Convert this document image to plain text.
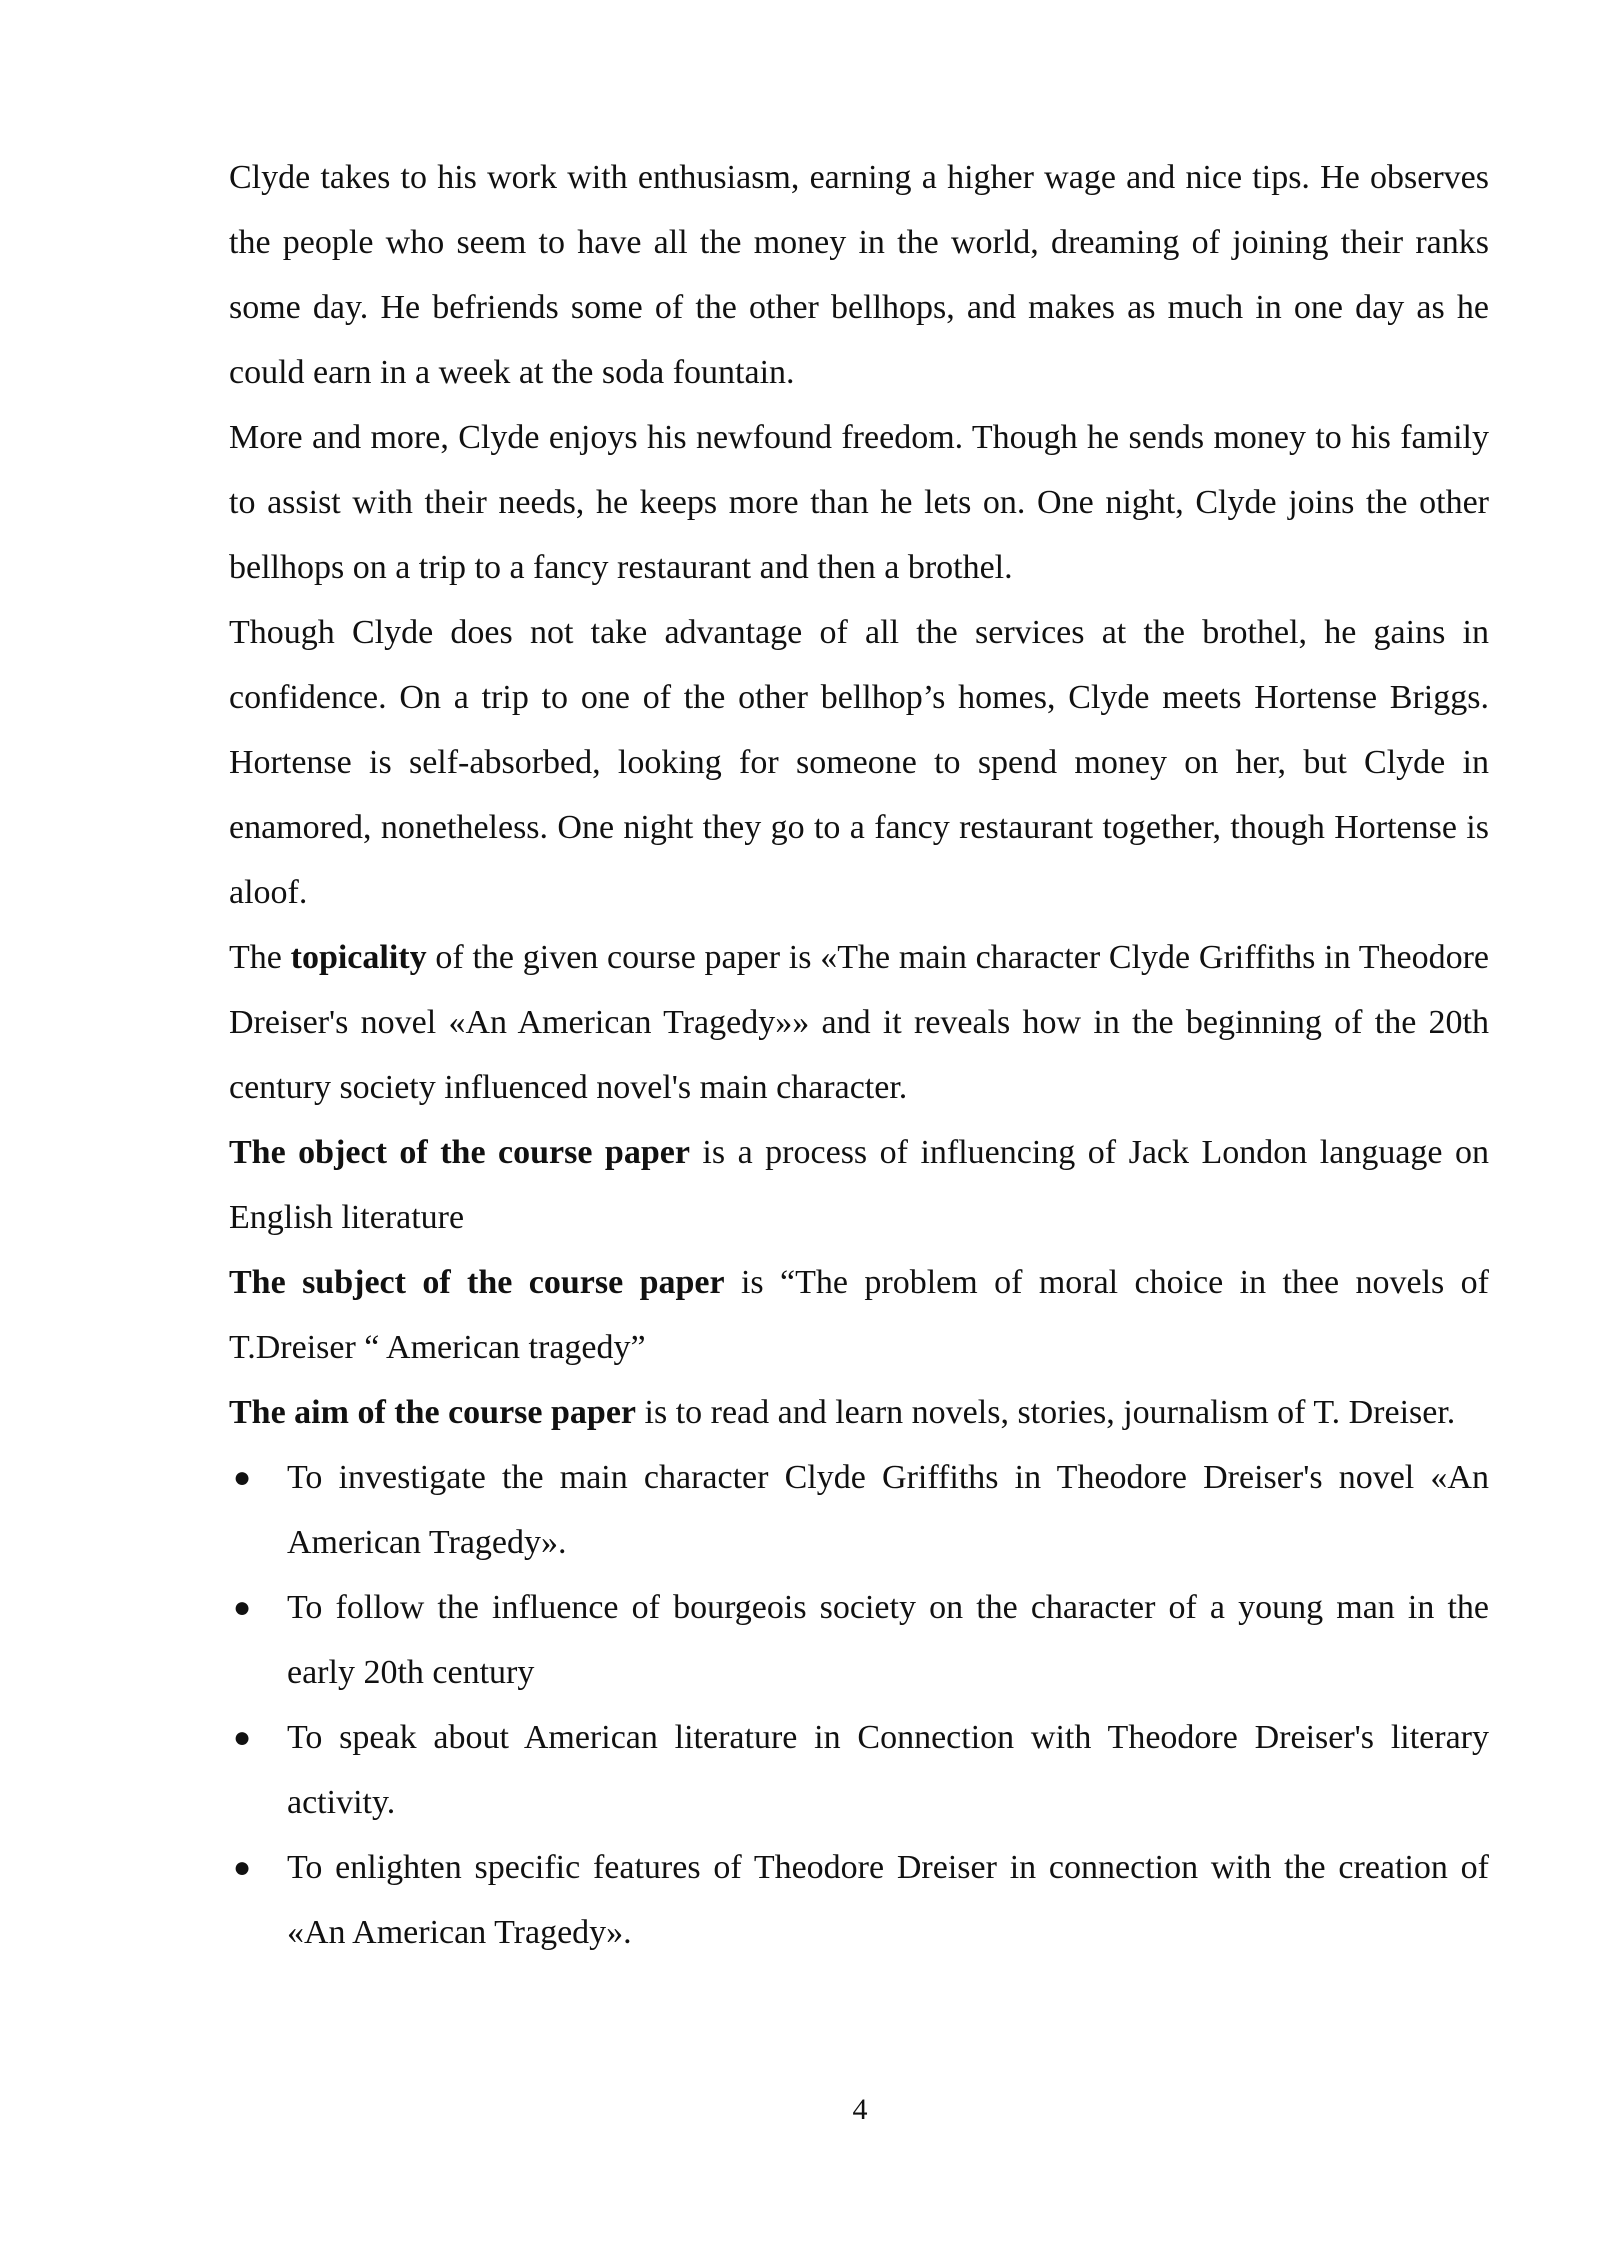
Clyde takes to his work with enthusiasm, earning a higher wage and nice tips. He observes the people who seem to have all the money in the world, dreaming of joining their ranks some day. He befriends some of the other bellhops, and makes as much in one day as he could earn in a week at the soda fountain.

More and more, Clyde enjoys his newfound freedom. Though he sends money to his family to assist with their needs, he keeps more than he lets on. One night, Clyde joins the other bellhops on a trip to a fancy restaurant and then a brothel.

Though Clyde does not take advantage of all the services at the brothel, he gains in confidence. On a trip to one of the other bellhop’s homes, Clyde meets Hortense Briggs. Hortense is self-absorbed, looking for someone to spend money on her, but Clyde in enamored, nonetheless. One night they go to a fancy restaurant together, though Hortense is aloof.

The topicality of the given course paper is «The main character Clyde Griffiths in Theodore Dreiser's novel «An American Tragedy»» and it reveals how in the beginning of the 20th century society influenced novel's main character.

The object of the course paper is a process of influencing of Jack London language on English literature

The subject of the course paper is “The problem of moral choice in thee novels of T.Dreiser “ American tragedy”

The aim of the course paper is to read and learn novels, stories, journalism of T. Dreiser.

● To investigate the main character Clyde Griffiths in Theodore Dreiser's novel «An American Tragedy».
● To follow the influence of bourgeois society on the character of a young man in the early 20th century
● To speak about American literature in Connection with Theodore Dreiser's literary activity.
● To enlighten specific features of Theodore Dreiser in connection with the creation of «An American Tragedy».
4
